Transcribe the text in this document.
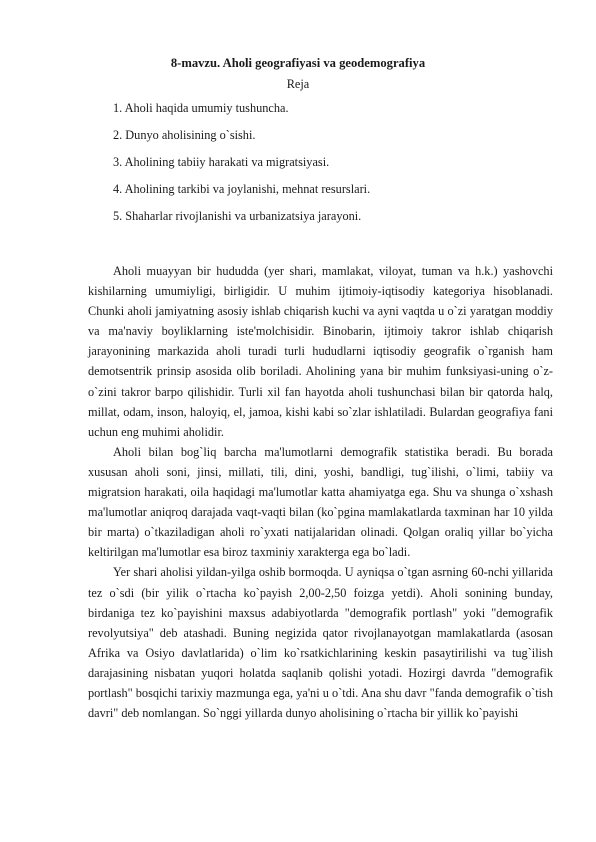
8-mavzu. Aholi geografiyasi va geodemografiya
Reja
1. Aholi haqida umumiy tushuncha.
2. Dunyo aholisining o`sishi.
3. Aholining tabiiy harakati va migratsiyasi.
4. Aholining tarkibi va joylanishi, mehnat resurslari.
5. Shaharlar rivojlanishi va urbanizatsiya jarayoni.

Aholi muayyan bir hududda (yer shari, mamlakat, viloyat, tuman va h.k.) yashovchi kishilarning umumiyligi, birligidir. U muhim ijtimoiy-iqtisodiy kategoriya hisoblanadi. Chunki aholi jamiyatning asosiy ishlab chiqarish kuchi va ayni vaqtda u o`zi yaratgan moddiy va ma'naviy boyliklarning iste'molchisidir. Binobarin, ijtimoiy takror ishlab chiqarish jarayonining markazida aholi turadi turli hududlarni iqtisodiy geografik o`rganish ham demotsentrik prinsip asosida olib boriladi. Aholining yana bir muhim funksiyasi-uning o`z-o`zini takror barpo qilishidir. Turli xil fan hayotda aholi tushunchasi bilan bir qatorda halq, millat, odam, inson, haloyiq, el, jamoa, kishi kabi so`zlar ishlatiladi. Bulardan geografiya fani uchun eng muhimi aholidir.

Aholi bilan bog`liq barcha ma'lumotlarni demografik statistika beradi. Bu borada xususan aholi soni, jinsi, millati, tili, dini, yoshi, bandligi, tug`ilishi, o`limi, tabiiy va migratsion harakati, oila haqidagi ma'lumotlar katta ahamiyatga ega. Shu va shunga o`xshash ma'lumotlar aniqroq darajada vaqt-vaqti bilan (ko`pgina mamlakatlarda taxminan har 10 yilda bir marta) o`tkaziladigan aholi ro`yxati natijalaridan olinadi. Qolgan oraliq yillar bo`yicha keltirilgan ma'lumotlar esa biroz taxminiy xarakterga ega bo`ladi.

Yer shari aholisi yildan-yilga oshib bormoqda. U ayniqsa o`tgan asrning 60-nchi yillarida tez o`sdi (bir yilik o`rtacha ko`payish 2,00-2,50 foizga yetdi). Aholi sonining bunday, birdaniga tez ko`payishini maxsus adabiyotlarda "demografik portlash" yoki "demografik revolyutsiya" deb atashadi. Buning negizida qator rivojlanayotgan mamlakatlarda (asosan Afrika va Osiyo davlatlarida) o`lim ko`rsatkichlarining keskin pasaytirilishi va tug`ilish darajasining nisbatan yuqori holatda saqlanib qolishi yotadi. Hozirgi davrda "demografik portlash" bosqichi tarixiy mazmunga ega, ya'ni u o`tdi. Ana shu davr "fanda demografik o`tish davri" deb nomlangan. So`nggi yillarda dunyo aholisining o`rtacha bir yillik ko`payishi
